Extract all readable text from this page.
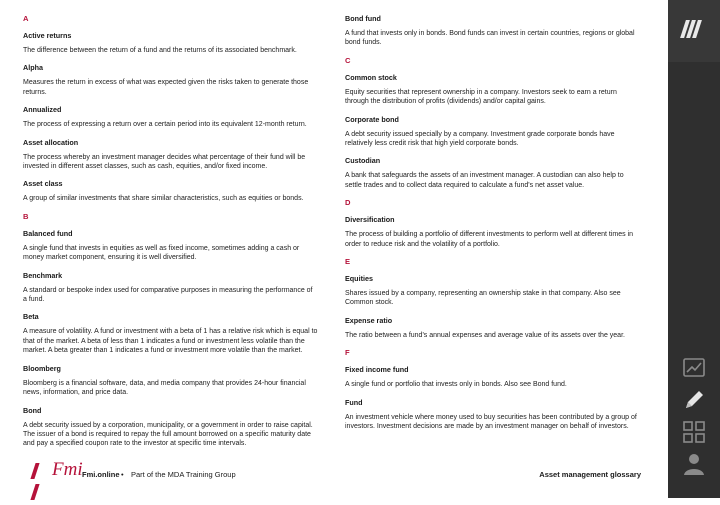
A
Active returns
The difference between the return of a fund and the returns of its associated benchmark.
Alpha
Measures the return in excess of what was expected given the risks taken to generate those returns.
Annualized
The process of expressing a return over a certain period into its equivalent 12-month return.
Asset allocation
The process whereby an investment manager decides what percentage of their fund will be invested in different asset classes, such as cash, equities, and/or fixed income.
Asset class
A group of similar investments that share similar characteristics, such as equities or bonds.
B
Balanced fund
A single fund that invests in equities as well as fixed income, sometimes adding a cash or money market component, ensuring it is well diversified.
Benchmark
A standard or bespoke index used for comparative purposes in measuring the performance of a fund.
Beta
A measure of volatility. A fund or investment with a beta of 1 has a relative risk which is equal to that of the market. A beta of less than 1 indicates a fund or investment less volatile than the market. A beta greater than 1 indicates a fund or investment more volatile than the market.
Bloomberg
Bloomberg is a financial software, data, and media company that provides 24-hour financial news, information, and price data.
Bond
A debt security issued by a corporation, municipality, or a government in order to raise capital. The issuer of a bond is required to repay the full amount borrowed on a specific maturity date and pay a specified coupon rate to the investor at specific time intervals.
Bond fund
A fund that invests only in bonds. Bond funds can invest in certain countries, regions or global bond funds.
C
Common stock
Equity securities that represent ownership in a company. Investors seek to earn a return through the distribution of profits (dividends) and/or capital gains.
Corporate bond
A debt security issued specially by a company. Investment grade corporate bonds have relatively less credit risk that high yield corporate bonds.
Custodian
A bank that safeguards the assets of an investment manager. A custodian can also help to settle trades and to collect data required to calculate a fund's net asset value.
D
Diversification
The process of building a portfolio of different investments to perform well at different times in order to reduce risk and the volatility of a portfolio.
E
Equities
Shares issued by a company, representing an ownership stake in that company. Also see Common stock.
Expense ratio
The ratio between a fund's annual expenses and average value of its assets over the year.
F
Fixed income fund
A single fund or portfolio that invests only in bonds. Also see Bond fund.
Fund
An investment vehicle where money used to buy securities has been contributed by a group of investors. Investment decisions are made by an investment manager on behalf of investors.
Fmi Fmi.online • Part of the MDA Training Group	Asset management glossary
